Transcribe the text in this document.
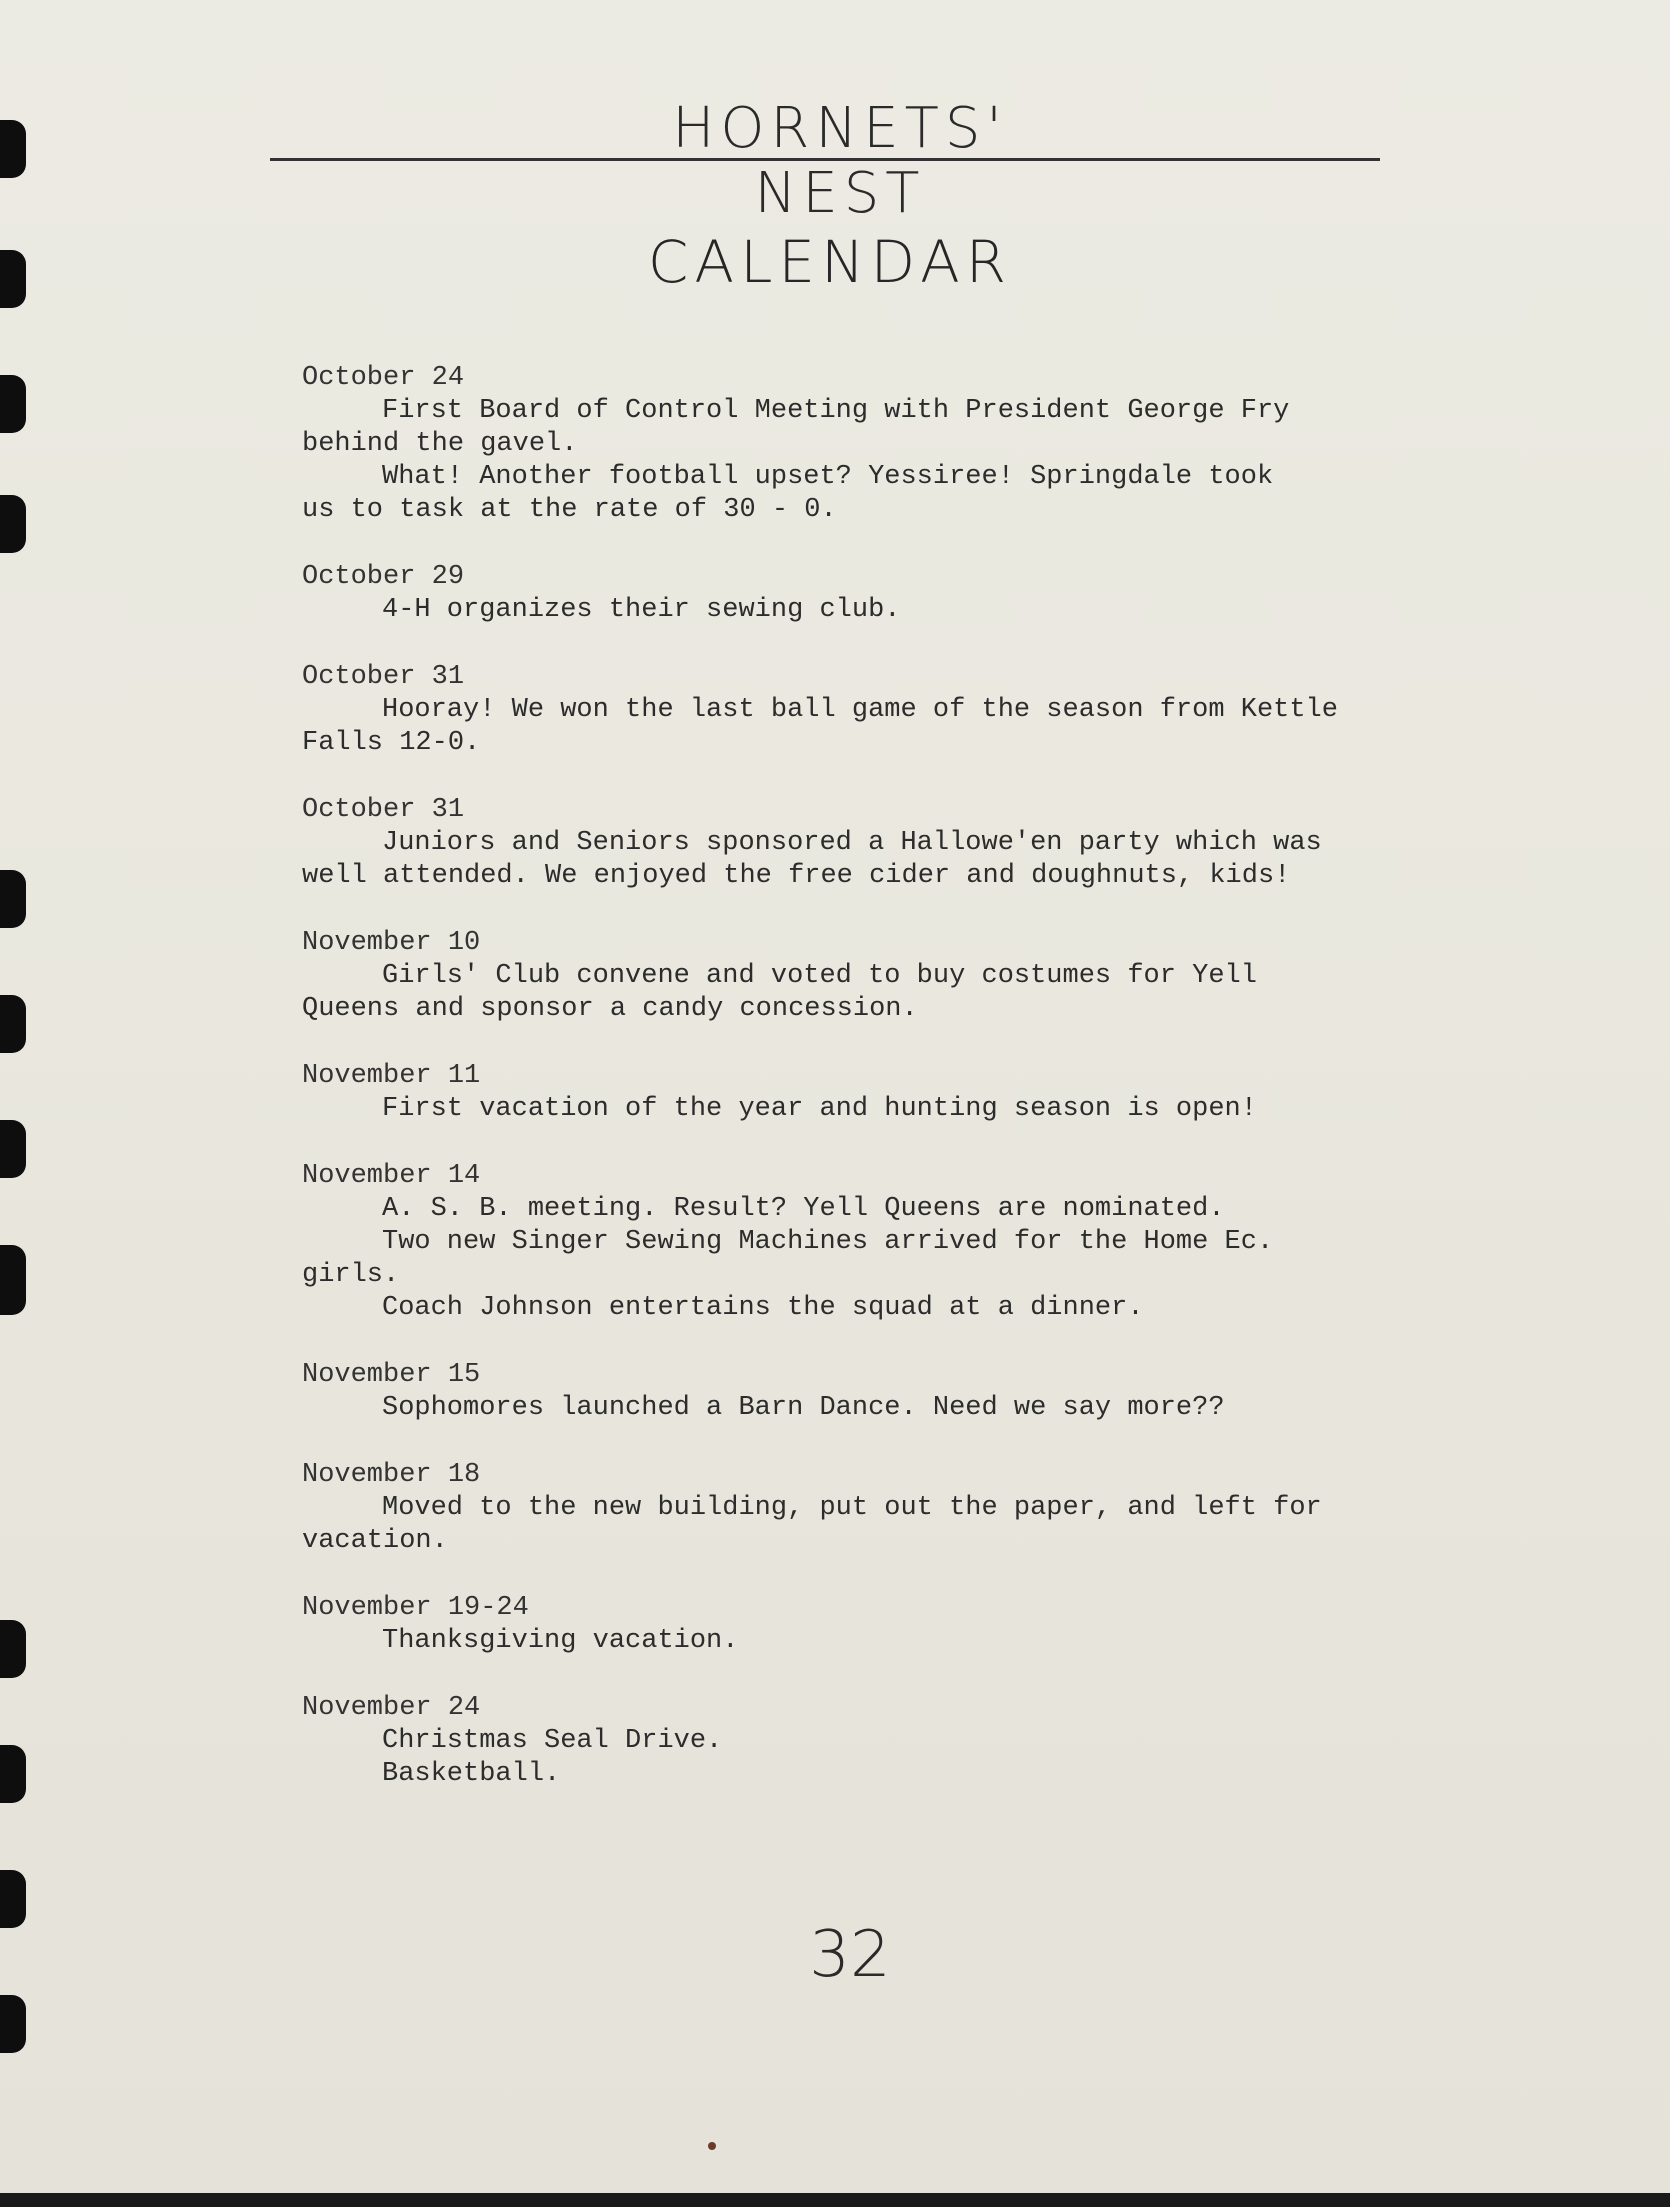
HORNETS' NEST
CALENDAR
October 24
First Board of Control Meeting with President George Fry
behind the gavel.
What! Another football upset? Yessiree! Springdale took
us to task at the rate of 30 - 0.
October 29
4-H organizes their sewing club.
October 31
Hooray! We won the last ball game of the season from Kettle
Falls 12-0.
October 31
Juniors and Seniors sponsored a Hallowe'en party which was
well attended. We enjoyed the free cider and doughnuts, kids!
November 10
Girls' Club convene and voted to buy costumes for Yell
Queens and sponsor a candy concession.
November 11
First vacation of the year and hunting season is open!
November 14
A. S. B. meeting. Result? Yell Queens are nominated.
Two new Singer Sewing Machines arrived for the Home Ec.
girls.
Coach Johnson entertains the squad at a dinner.
November 15
Sophomores launched a Barn Dance. Need we say more??
November 18
Moved to the new building, put out the paper, and left for
vacation.
November 19-24
Thanksgiving vacation.
November 24
Christmas Seal Drive.
Basketball.
32
